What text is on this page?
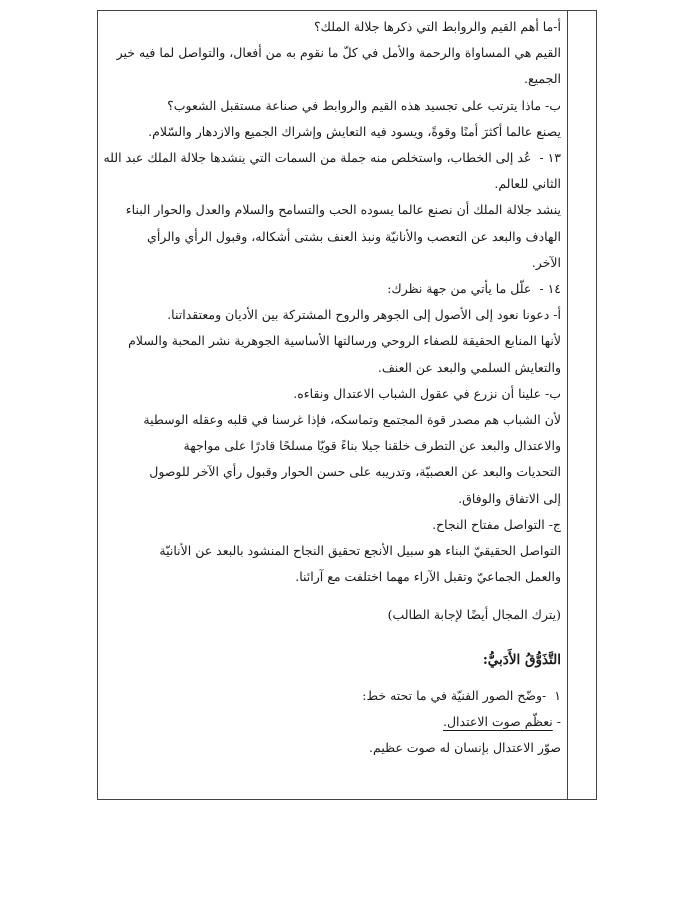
أ-ما أهم القيم والروابط التي ذكرها جلالة الملك؟
القيم هي المساواة والرحمة والأمل في كلّ ما نقوم به من أفعال، والتواصل لما فيه خير
الجميع.
ب- ماذا يترتب على تجسيد هذه القيم والروابط في صناعة مستقبل الشعوب؟
يصنع عالما أكثرَ أمنًا وقوةً، ويسود فيه التعايش وإشراك الجميع والازدهار والسّلام.
١٣ -عُد إلى الخطاب، واستخلص منه جملة من السمات التي ينشدها جلالة الملك عبد الله
الثاني للعالم.
ينشد جلالة الملك أن نصنع عالما يسوده الحب والتسامح والسلام والعدل والحوار البناء
الهادف والبعد عن التعصب والأنانيّة ونبذ العنف بشتى أشكاله، وقبول الرأي والرأي
الآخر.
١٤ -علّل ما يأتي من جهة نظرك:
أ- دعونا نعود إلى الأصول إلى الجوهر والروح المشتركة بين الأديان ومعتقداتنا.
لأنها المنابع الحقيقة للصفاء الروحي ورسالتها الأساسية الجوهرية نشر المحبة والسلام
والتعايش السلمي والبعد عن العنف.
ب- علينا أن نزرع في عقول الشباب الاعتدال ونقاءه.
لأن الشباب هم مصدر قوة المجتمع وتماسكه، فإذا غرسنا في قلبه وعقله الوسطية
والاعتدال والبعد عن التطرف خلقنا جيلا بناءً قويّا مسلحًا قادرًا على مواجهة
التحديات والبعد عن العصبيّة، وتدريبه على حسن الحوار وقبول رأي الآخر للوصول
إلى الاتفاق والوفاق.
ج- التواصل مفتاح النجاح.
التواصل الحقيقيّ البناء هو سبيل الأنجع تحقيق النجاح المنشود بالبعد عن الأنانيّة
والعمل الجماعيّ وتقبل الآراء مهما اختلفت مع آرائنا.
(يترك المجال أيضًا لإجابة الطالب)
التَّذَوُّقُ الأَدَبيُّ:
١-وضّح الصور الفنيّة في ما تحته خط:
- نعظّم صوت الاعتدال.
صوّر الاعتدال بإنسان له صوت عظيم.
